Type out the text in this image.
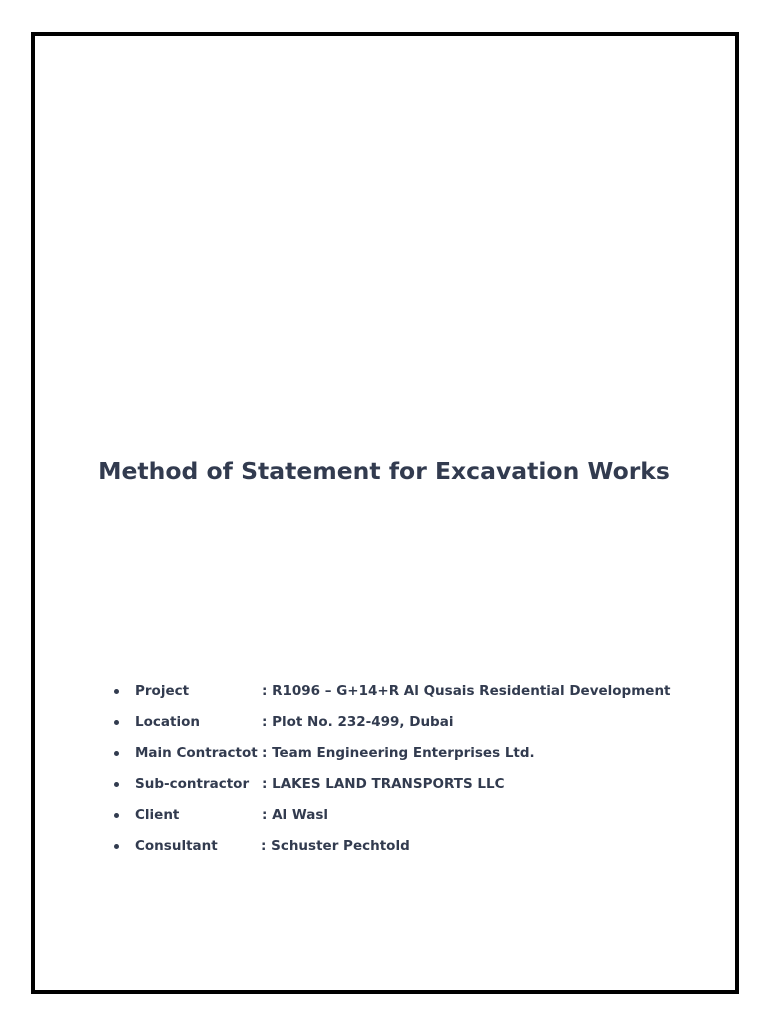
Method of Statement for Excavation Works
Project	: R1096 – G+14+R Al Qusais Residential Development
Location	: Plot No. 232-499, Dubai
Main Contractot : Team Engineering Enterprises Ltd.
Sub-contractor : LAKES LAND TRANSPORTS LLC
Client	: Al Wasl
Consultant	: Schuster Pechtold
